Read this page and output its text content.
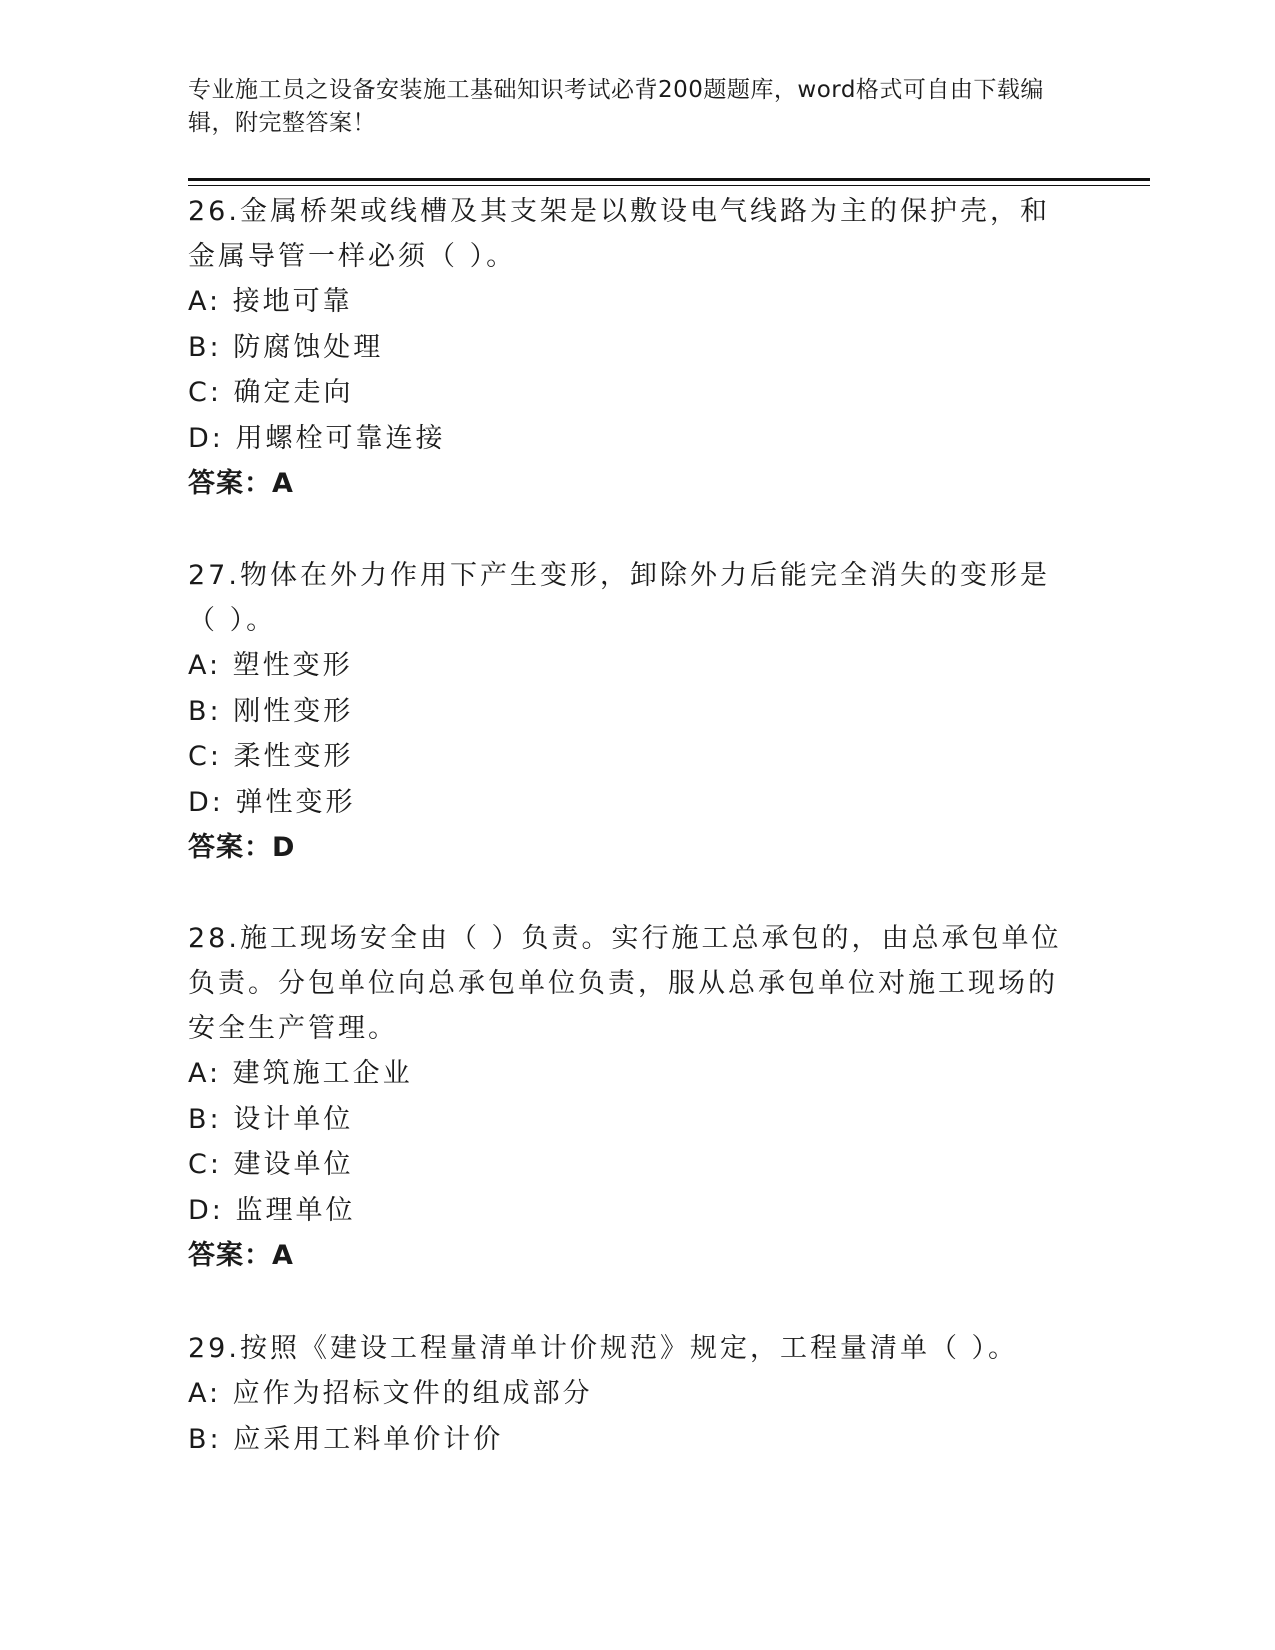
专业施工员之设备安装施工基础知识考试必背200题题库，word格式可自由下载编辑，附完整答案！
26.金属桥架或线槽及其支架是以敷设电气线路为主的保护壳，和金属导管一样必须（ ）。
A: 接地可靠
B: 防腐蚀处理
C: 确定走向
D: 用螺栓可靠连接
答案：A
27.物体在外力作用下产生变形，卸除外力后能完全消失的变形是（ ）。
A: 塑性变形
B: 刚性变形
C: 柔性变形
D: 弹性变形
答案：D
28.施工现场安全由（ ）负责。实行施工总承包的，由总承包单位负责。分包单位向总承包单位负责，服从总承包单位对施工现场的安全生产管理。
A: 建筑施工企业
B: 设计单位
C: 建设单位
D: 监理单位
答案：A
29.按照《建设工程量清单计价规范》规定，工程量清单（ ）。
A: 应作为招标文件的组成部分
B: 应采用工料单价计价
